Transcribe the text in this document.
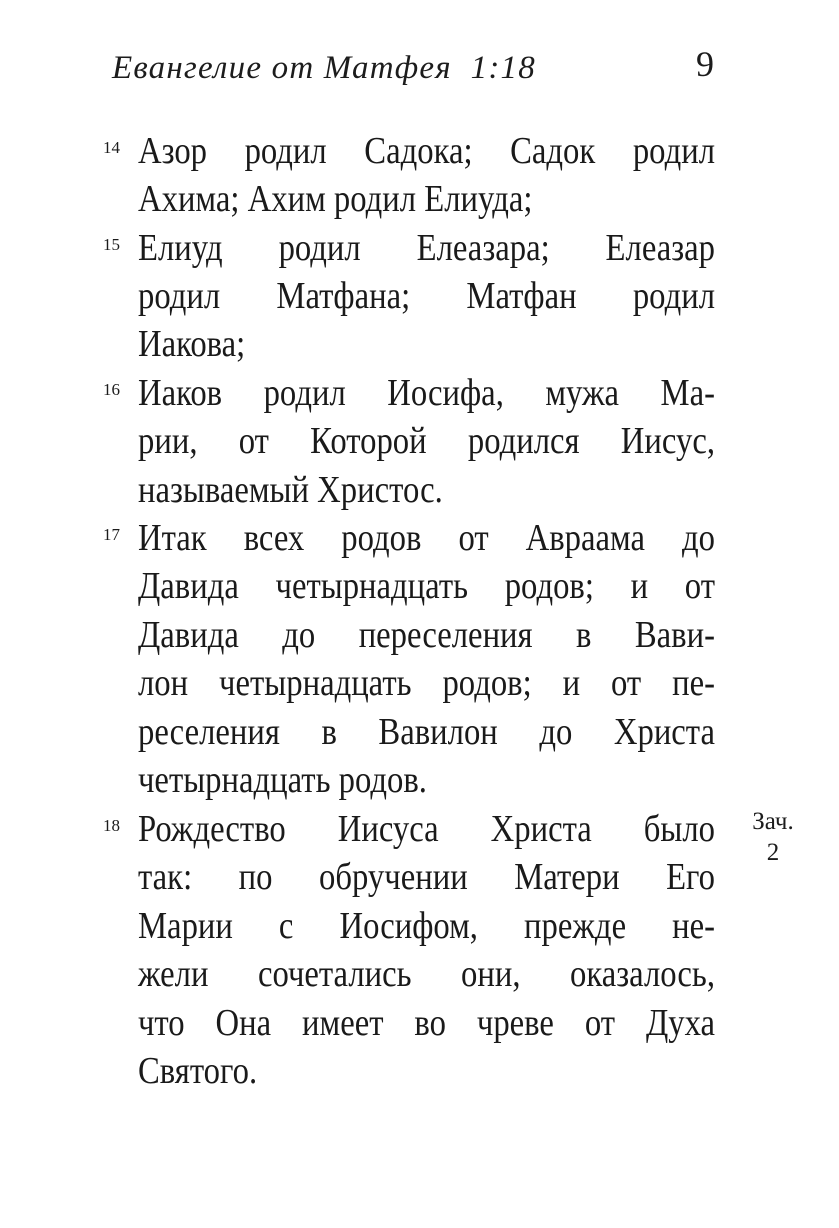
Евангелие от Матфея  1:18	9
14 Азор родил Садока; Садок родил
Ахима; Ахим родил Елиуда;
15 Елиуд родил Елеазара; Елеазар
родил Матфана; Матфан родил
Иакова;
16 Иаков родил Иосифа, мужа Ма-
рии, от Которой родился Иисус,
называемый Христос.
17 Итак всех родов от Авраама до
Давида четырнадцать родов; и от
Давида до переселения в Вави-
лон четырнадцать родов; и от пе-
реселения в Вавилон до Христа
четырнадцать родов.
18 Рождество Иисуса Христа было
так: по обручении Матери Его
Марии с Иосифом, прежде не-
жели сочетались они, оказалось,
что Она имеет во чреве от Духа
Святого.
Зач.
2
